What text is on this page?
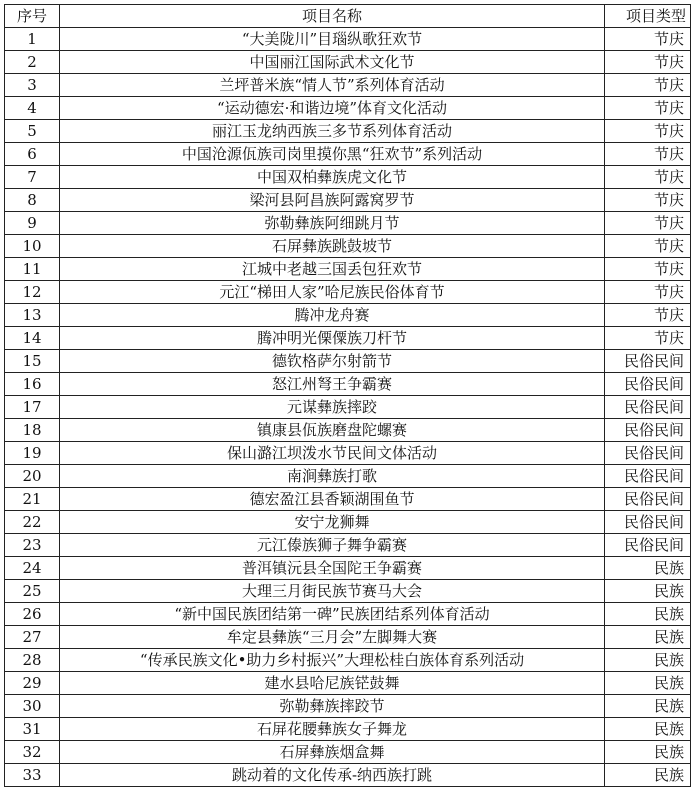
序号	项目名称	项目类型
1	“大美陇川”目瑙纵歌狂欢节	节庆
2	中国丽江国际武术文化节	节庆
3	兰坪普米族“情人节”系列体育活动	节庆
4	“运动德宏·和谐边境”体育文化活动	节庆
5	丽江玉龙纳西族三多节系列体育活动	节庆
6	中国沧源佤族司岗里摸你黑“狂欢节”系列活动	节庆
7	中国双柏彝族虎文化节	节庆
8	梁河县阿昌族阿露窝罗节	节庆
9	弥勒彝族阿细跳月节	节庆
10	石屏彝族跳鼓坡节	节庆
11	江城中老越三国丢包狂欢节	节庆
12	元江“梯田人家”哈尼族民俗体育节	节庆
13	腾冲龙舟赛	节庆
14	腾冲明光傈僳族刀杆节	节庆
15	德钦格萨尔射箭节	民俗民间
16	怒江州弩王争霸赛	民俗民间
17	元谋彝族摔跤	民俗民间
18	镇康县佤族磨盘陀螺赛	民俗民间
19	保山潞江坝泼水节民间文体活动	民俗民间
20	南涧彝族打歌	民俗民间
21	德宏盈江县香颖湖围鱼节	民俗民间
22	安宁龙狮舞	民俗民间
23	元江傣族狮子舞争霸赛	民俗民间
24	普洱镇沅县全国陀王争霸赛	民族
25	大理三月街民族节赛马大会	民族
26	“新中国民族团结第一碑”民族团结系列体育活动	民族
27	牟定县彝族“三月会”左脚舞大赛	民族
28	“传承民族文化•助力乡村振兴”大理松桂白族体育系列活动	民族
29	建水县哈尼族铓鼓舞	民族
30	弥勒彝族摔跤节	民族
31	石屏花腰彝族女子舞龙	民族
32	石屏彝族烟盒舞	民族
33	跳动着的文化传承-纳西族打跳	民族
